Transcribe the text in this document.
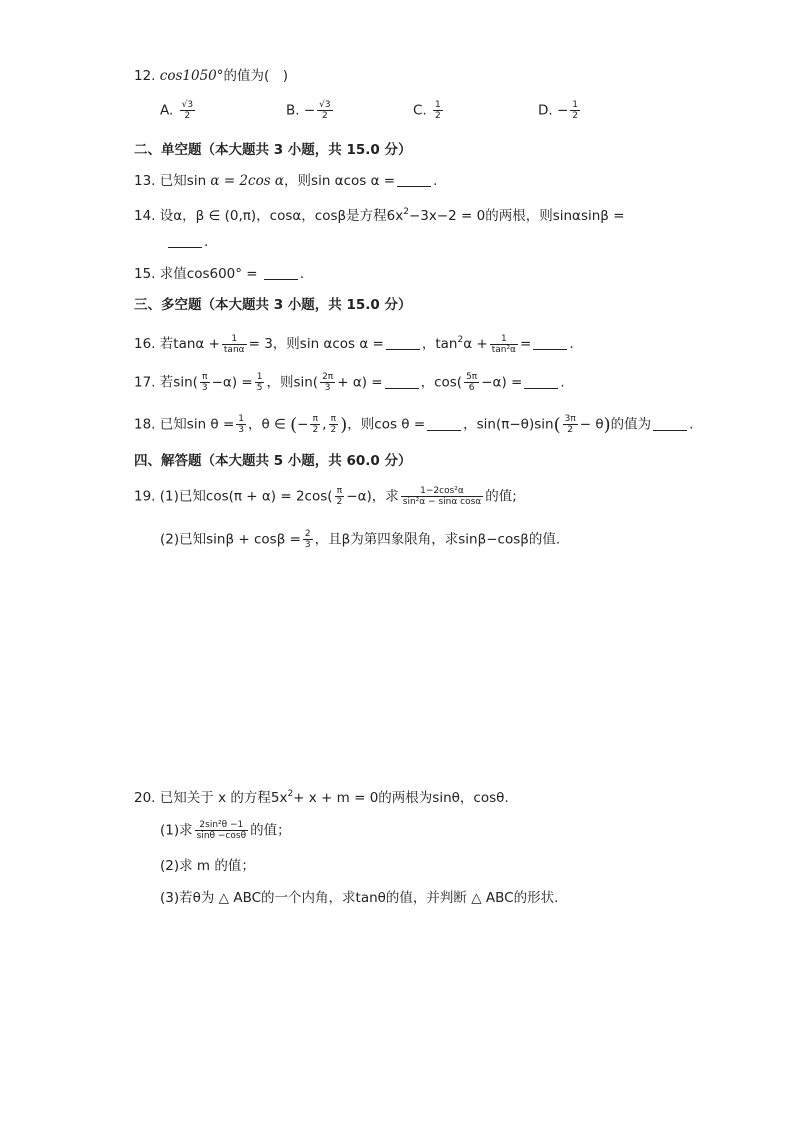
12. cos1050°的值为(　)
A. $\frac{√3}{2}$	B. − $\frac{√3}{2}$	C. $\frac{1}{2}$	D. − $\frac{1}{2}$
二、单空题（本大题共 3 小题，共 15.0 分）
13. 已知sin α = 2cos α，则sin αcos α =	.
14. 设α，β ∈ (0,π)，cosα，cosβ是方程$6x^2-3x-2 = 0$的两根，则sinαsinβ =
.
15. 求值cos600° =	.
三、多空题（本大题共 3 小题，共 15.0 分）
16. 若$\tan\alpha + \frac{1}{\tan\alpha} = 3$，则sin αcos α =	，$\tan^2\alpha + \frac{1}{\text{tan²α}}$ =	.
17. 若$\sin( \frac{\pi}{3} -\alpha) = \frac{1}{5}$ ，则$\sin( \frac{2\pi}{3} + \alpha)$ =	，$\cos( \frac{5\pi}{6} -\alpha)$ =	.
18. 已知$\sin \theta = \frac{1}{3}$ ，θ ∈ (− $\frac{\pi}{2}$ , $\frac{\pi}{2}$ )，则cos θ =	，$\sin(\pi-\theta)\sin( \frac{3\pi}{2} - \theta)$的值为	.
四、解答题（本大题共 5 小题，共 60.0 分）
19. (1)已知$\cos(\pi + \alpha) = 2\cos( \frac{\pi}{2} -\alpha)$，求 $\frac{\text{1−2cos²α}}{\text{sin²α − sinα cosα}}$ 的值;
(2)已知$\sin\beta + \cos\beta = \frac{2}{3}$ ，且β为第四象限角，求sinβ−cosβ的值.
20. 已知关于 x 的方程$5x^2+ x + m = 0$的两根为sinθ，cosθ.
(1)求 $\frac{\text{2sin²θ −1}}{\sin\theta -\cos\theta}$ 的值；
(2)求 m 的值；
(3)若θ为 △ ABC的一个内角，求tanθ的值，并判断 △ ABC的形状.
